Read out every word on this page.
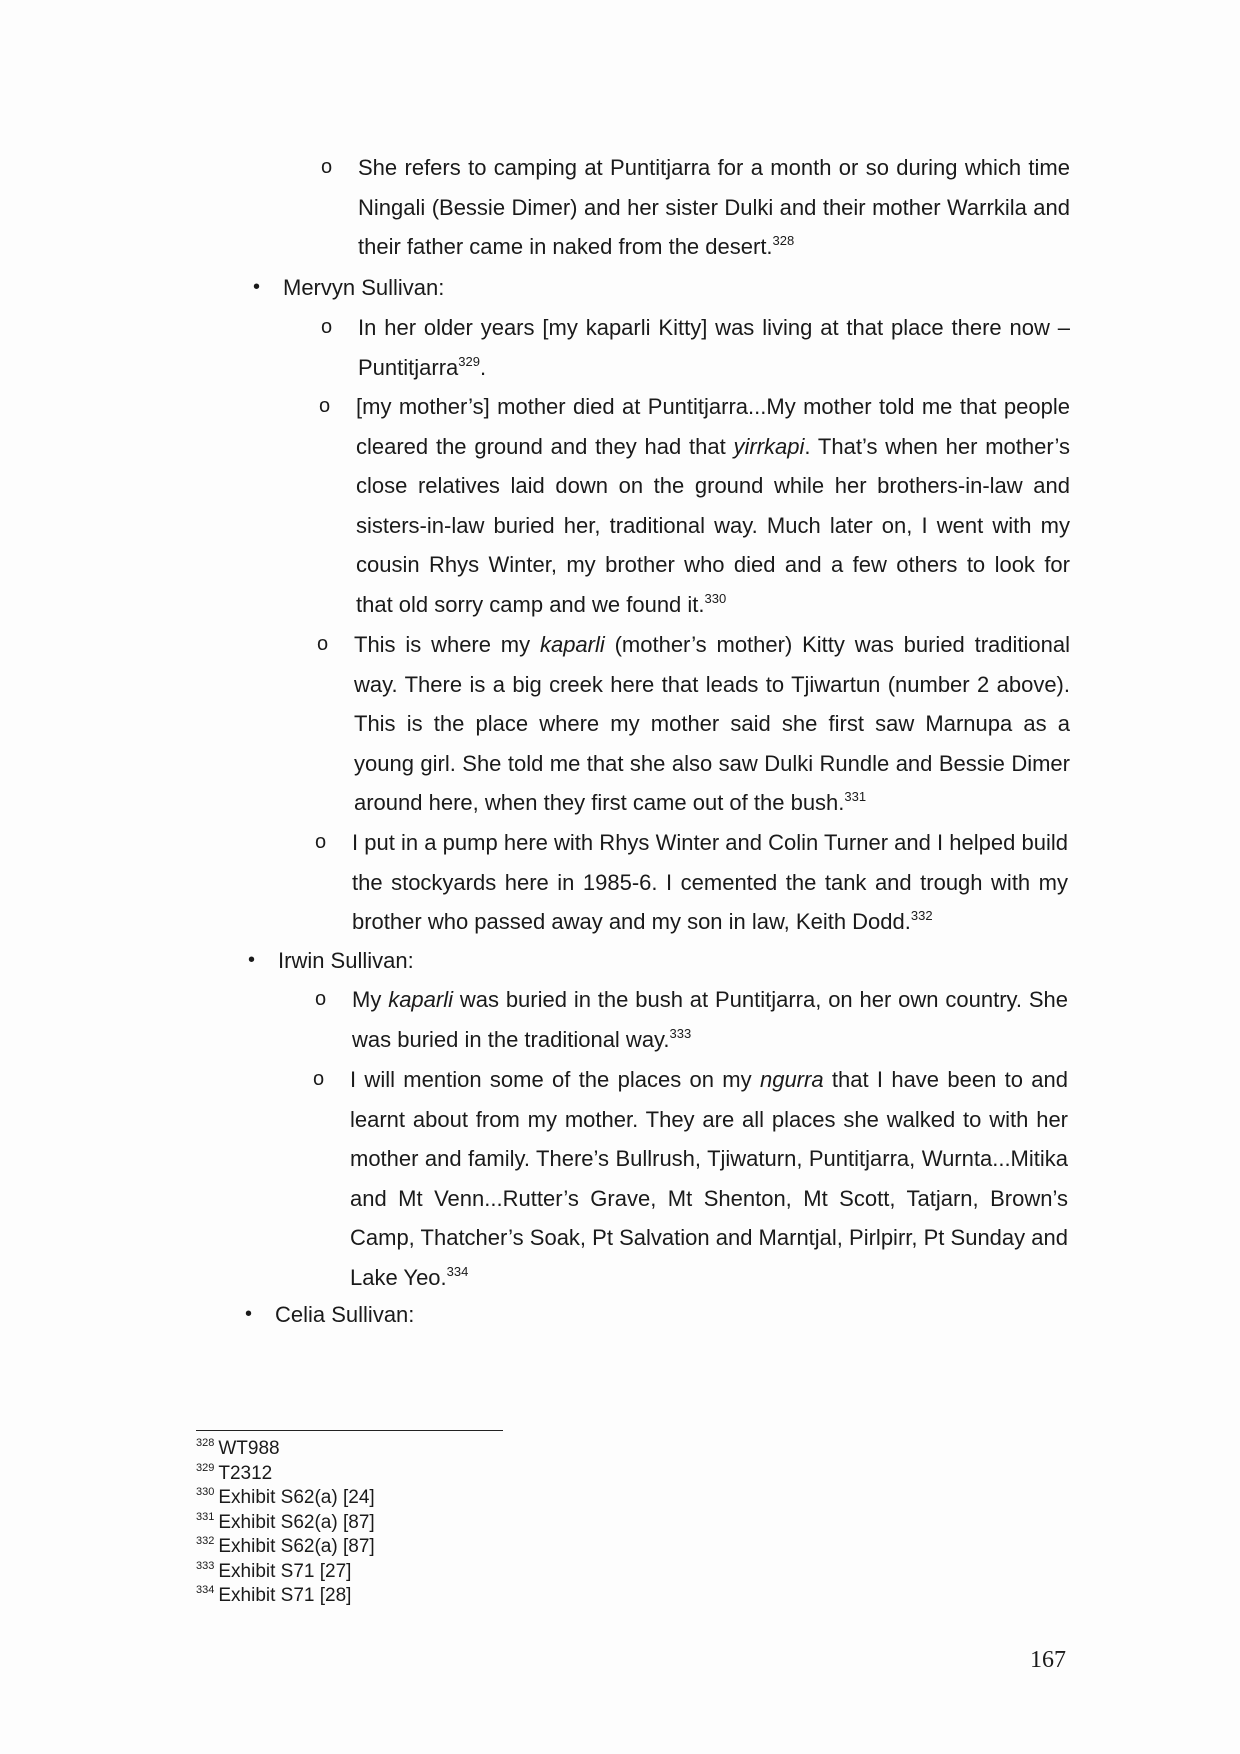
o She refers to camping at Puntitjarra for a month or so during which time Ningali (Bessie Dimer) and her sister Dulki and their mother Warrkila and their father came in naked from the desert.$^{328}$
• Mervyn Sullivan:
o In her older years [my kaparli Kitty] was living at that place there now – Puntitjarra$^{329}$.
o [my mother’s] mother died at Puntitjarra...My mother told me that people cleared the ground and they had that yirrkapi. That’s when her mother’s close relatives laid down on the ground while her brothers-in-law and sisters-in-law buried her, traditional way. Much later on, I went with my cousin Rhys Winter, my brother who died and a few others to look for that old sorry camp and we found it.$^{330}$
o This is where my kaparli (mother’s mother) Kitty was buried traditional way. There is a big creek here that leads to Tjiwartun (number 2 above). This is the place where my mother said she first saw Marnupa as a young girl. She told me that she also saw Dulki Rundle and Bessie Dimer around here, when they first came out of the bush.$^{331}$
o I put in a pump here with Rhys Winter and Colin Turner and I helped build the stockyards here in 1985-6. I cemented the tank and trough with my brother who passed away and my son in law, Keith Dodd.$^{332}$
• Irwin Sullivan:
o My kaparli was buried in the bush at Puntitjarra, on her own country. She was buried in the traditional way.$^{333}$
o I will mention some of the places on my ngurra that I have been to and learnt about from my mother. They are all places she walked to with her mother and family. There’s Bullrush, Tjiwaturn, Puntitjarra, Wurnta...Mitika and Mt Venn...Rutter’s Grave, Mt Shenton, Mt Scott, Tatjarn, Brown’s Camp, Thatcher’s Soak, Pt Salvation and Marntjal, Pirlpirr, Pt Sunday and Lake Yeo.$^{334}$
• Celia Sullivan:
$^{328}$ WT988
$^{329}$ T2312
$^{330}$ Exhibit S62(a) [24]
$^{331}$ Exhibit S62(a) [87]
$^{332}$ Exhibit S62(a) [87]
$^{333}$ Exhibit S71 [27]
$^{334}$ Exhibit S71 [28]
167
